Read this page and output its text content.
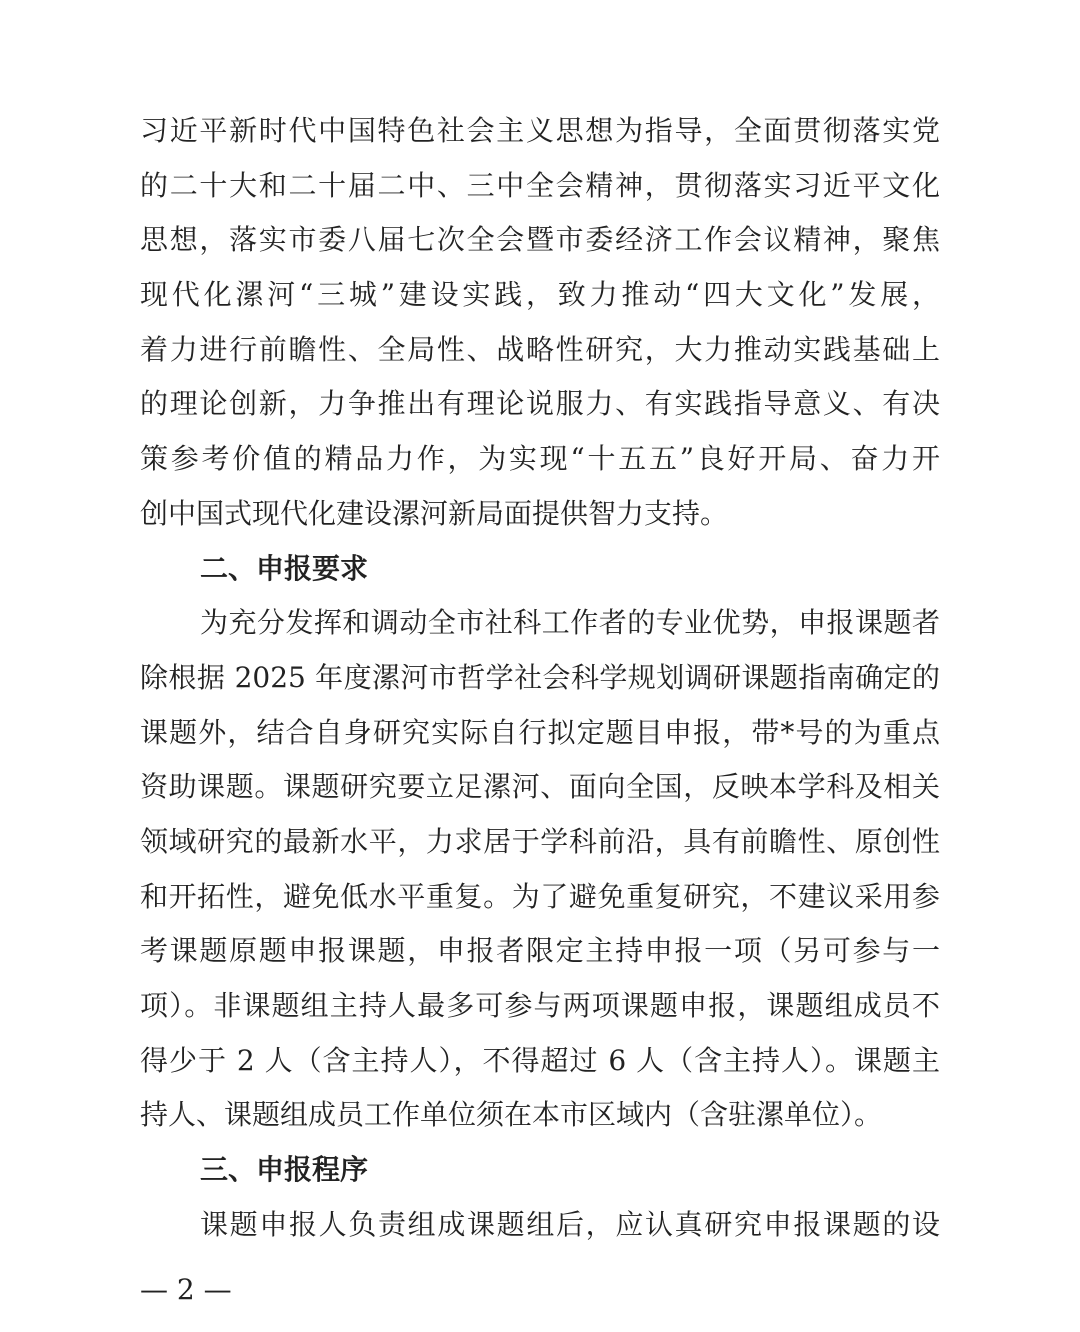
习近平新时代中国特色社会主义思想为指导，全面贯彻落实党
的二十大和二十届二中、三中全会精神，贯彻落实习近平文化
思想，落实市委八届七次全会暨市委经济工作会议精神，聚焦
现代化漯河“三城”建设实践，致力推动“四大文化”发展，
着力进行前瞻性、全局性、战略性研究，大力推动实践基础上
的理论创新，力争推出有理论说服力、有实践指导意义、有决
策参考价值的精品力作，为实现“十五五”良好开局、奋力开
创中国式现代化建设漯河新局面提供智力支持。
二、申报要求
为充分发挥和调动全市社科工作者的专业优势，申报课题者
除根据 2025 年度漯河市哲学社会科学规划调研课题指南确定的
课题外，结合自身研究实际自行拟定题目申报，带*号的为重点
资助课题。课题研究要立足漯河、面向全国，反映本学科及相关
领域研究的最新水平，力求居于学科前沿，具有前瞻性、原创性
和开拓性，避免低水平重复。为了避免重复研究，不建议采用参
考课题原题申报课题，申报者限定主持申报一项（另可参与一
项）。非课题组主持人最多可参与两项课题申报，课题组成员不
得少于 2 人（含主持人），不得超过 6 人（含主持人）。课题主
持人、课题组成员工作单位须在本市区域内（含驻漯单位）。
三、申报程序
课题申报人负责组成课题组后，应认真研究申报课题的设
— 2 —
